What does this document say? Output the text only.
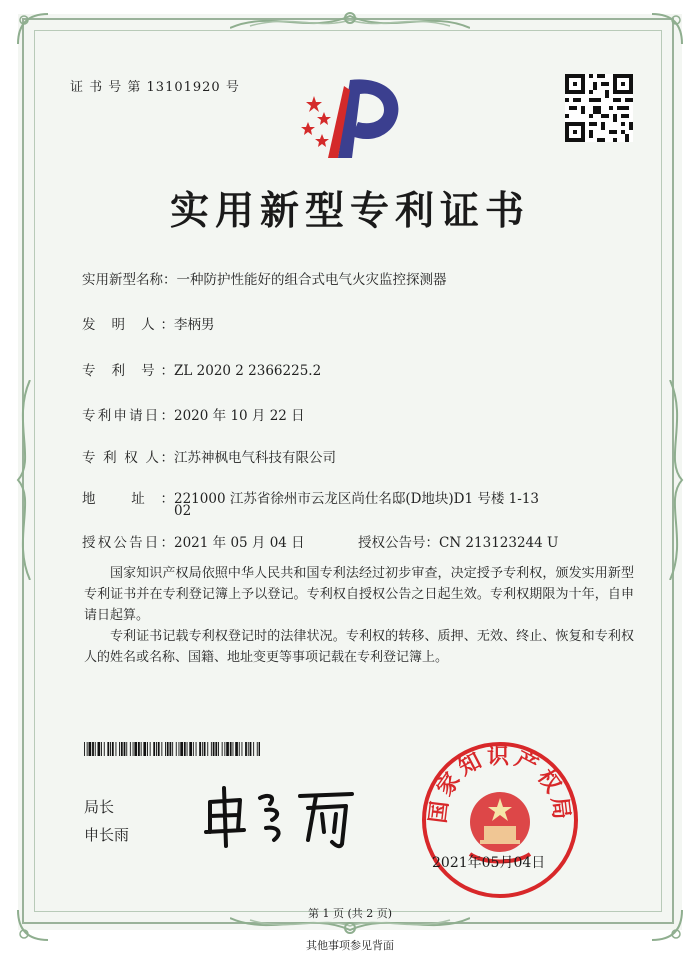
证 书 号 第 13101920 号
实用新型专利证书
实用新型名称：一种防护性能好的组合式电气火灾监控探测器
发 明 人：李柄男
专 利 号：ZL 2020 2 2366225.2
专利申请日：2020 年 10 月 22 日
专 利 权 人：江苏神枫电气科技有限公司
地 址：221000 江苏省徐州市云龙区尚仕名邸(D地块)D1 号楼 1-13
02
授权公告日：2021 年 05 月 04 日	授权公告号：CN 213123244 U
国家知识产权局依照中华人民共和国专利法经过初步审查，决定授予专利权，颁发实用新型专利证书并在专利登记簿上予以登记。专利权自授权公告之日起生效。专利权期限为十年，自申请日起算。
专利证书记载专利权登记时的法律状况。专利权的转移、质押、无效、终止、恢复和专利权人的姓名或名称、国籍、地址变更等事项记载在专利登记簿上。
局长
申长雨
国家知识产权局
2021年05月04日
第 1 页 (共 2 页)
其他事项参见背面
